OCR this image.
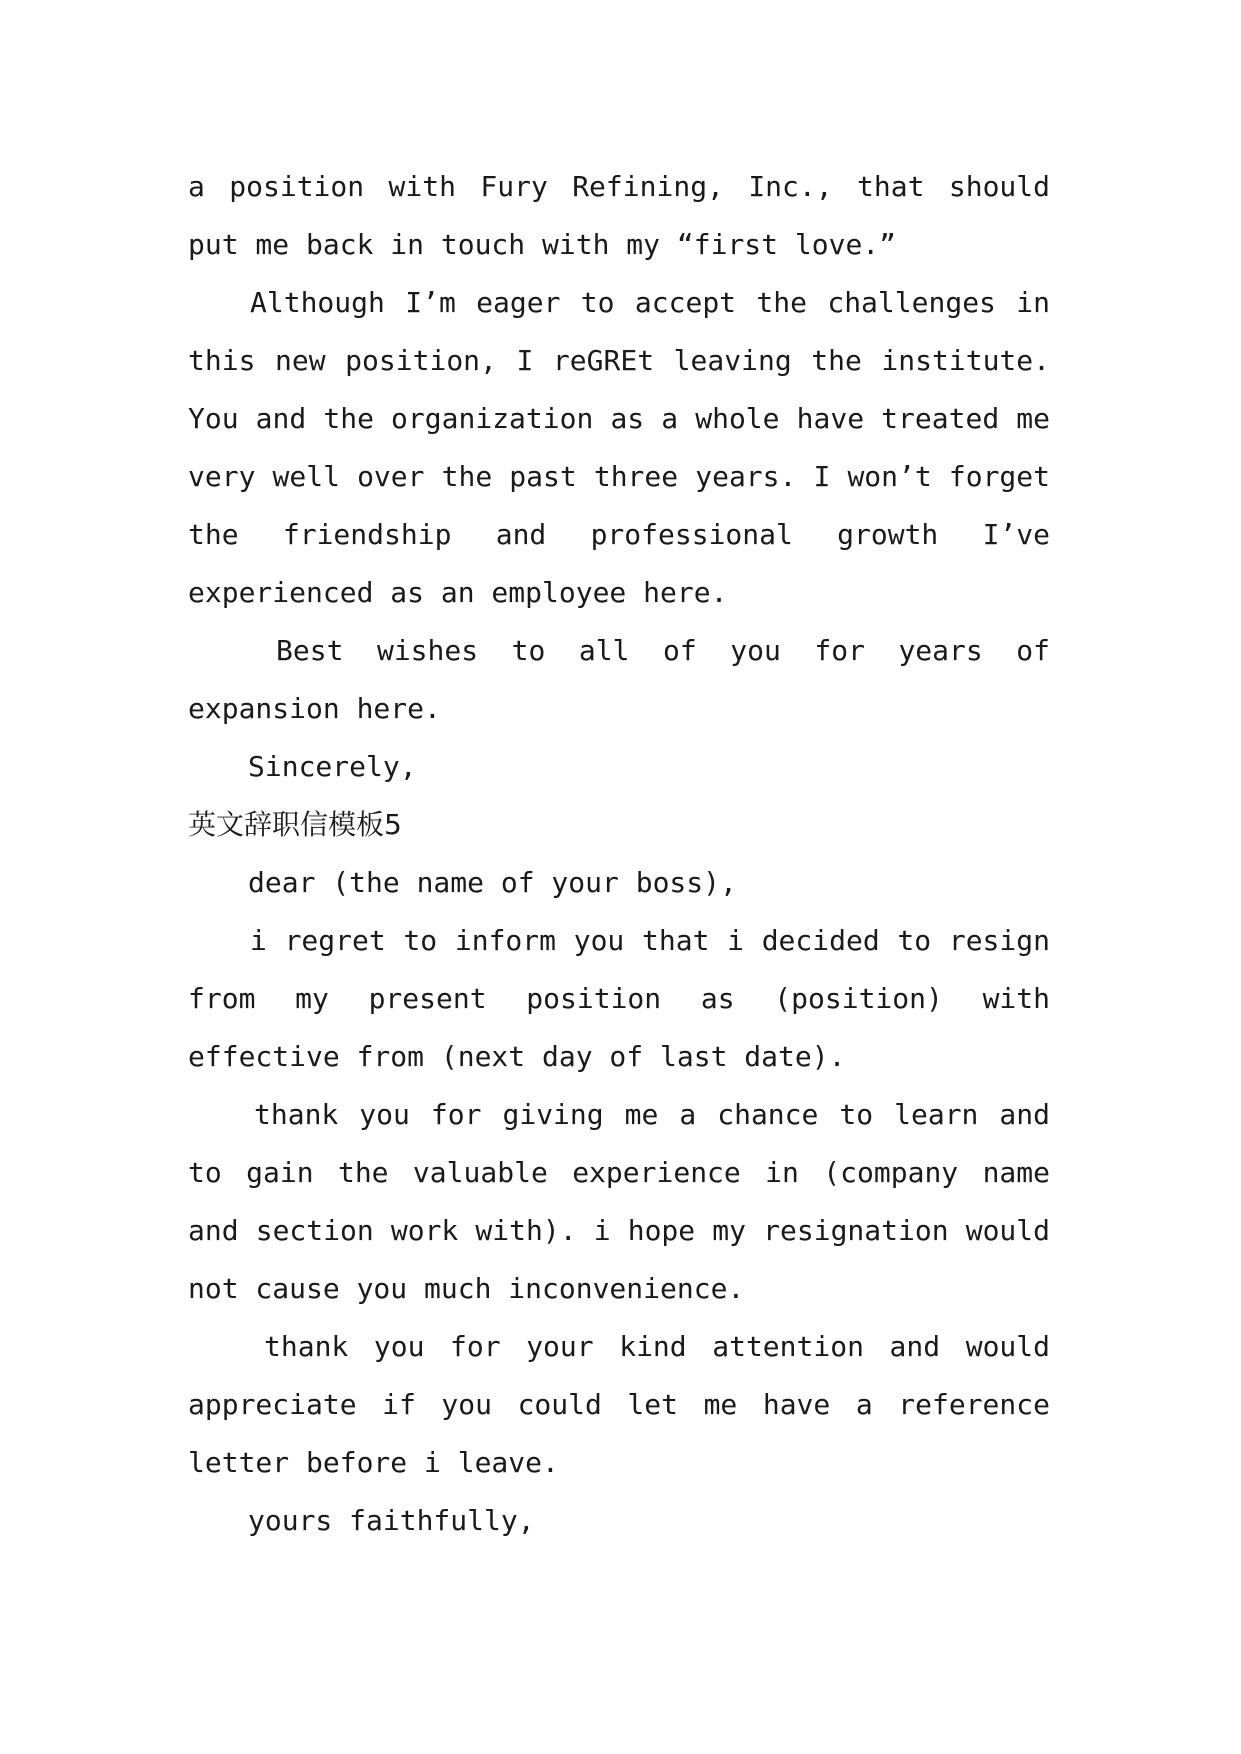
a position with Fury Refining, Inc., that should
put me back in touch with my “first love.”
Although I’m eager to accept the challenges in
this new position, I reGREt leaving the institute.
You and the organization as a whole have treated me
very well over the past three years. I won’t forget
the friendship and professional growth I’ve
experienced as an employee here.
Best wishes to all of you for years of
expansion here.
Sincerely,
英文辞职信模板5
dear (the name of your boss),
i regret to inform you that i decided to resign
from my present position as (position) with
effective from (next day of last date).
thank you for giving me a chance to learn and
to gain the valuable experience in (company name
and section work with). i hope my resignation would
not cause you much inconvenience.
thank you for your kind attention and would
appreciate if you could let me have a reference
letter before i leave.
yours faithfully,
